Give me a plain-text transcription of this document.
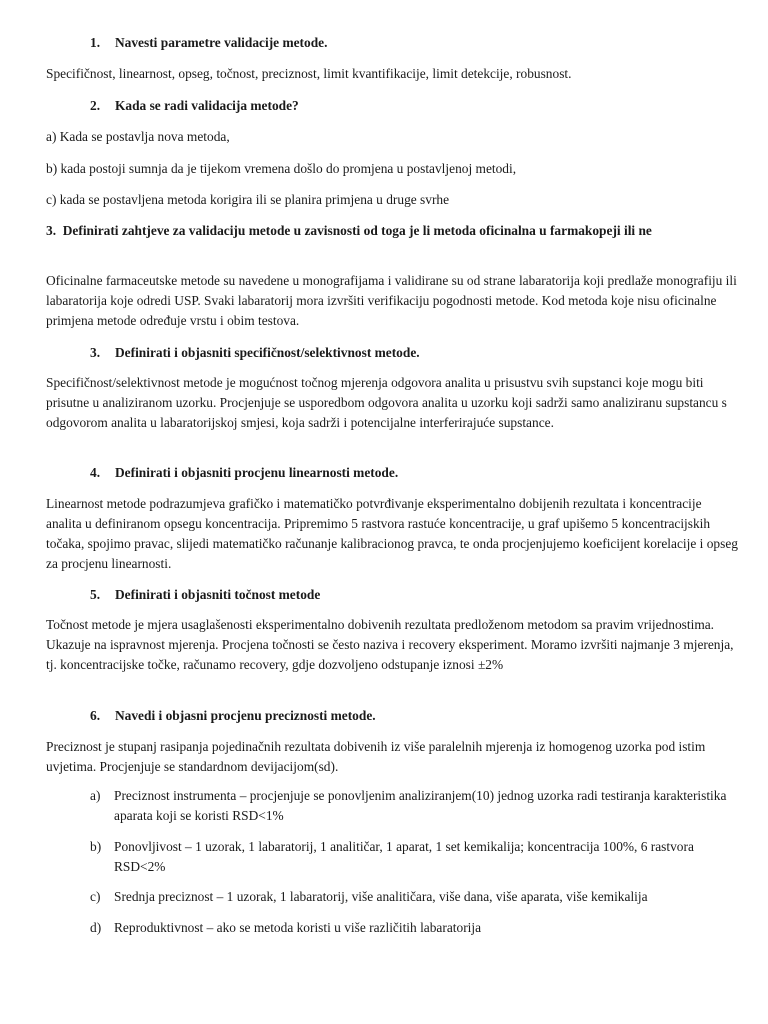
1. Navesti parametre validacije metode.
Specifičnost, linearnost, opseg, točnost, preciznost, limit kvantifikacije, limit detekcije, robusnost.
2. Kada se radi validacija metode?
a) Kada se postavlja nova metoda,
b) kada postoji sumnja da je tijekom vremena došlo do promjena u postavljenoj metodi,
c) kada se postavljena metoda korigira ili se planira primjena u druge svrhe
3. Definirati zahtjeve za validaciju metode u zavisnosti od toga je li metoda oficinalna u farmakopeji ili ne
Oficinalne farmaceutske metode su navedene u monografijama i validirane su od strane labaratorija koji predlaže monografiju ili labaratorija koje odredi USP. Svaki labaratorij mora izvršiti verifikaciju pogodnosti metode. Kod metoda koje nisu oficinalne primjena metode određuje vrstu i obim testova.
3. Definirati i objasniti specifičnost/selektivnost metode.
Specifičnost/selektivnost metode je mogućnost točnog mjerenja odgovora analita u prisustvu svih supstanci koje mogu biti prisutne u analiziranom uzorku. Procjenjuje se usporedbom odgovora analita u uzorku koji sadrži samo analiziranu supstancu s odgovorom analita u labaratorijskoj smjesi, koja sadrži i potencijalne interferirajuće supstance.
4. Definirati i objasniti procjenu linearnosti metode.
Linearnost metode podrazumjeva grafičko i matematičko potvrđivanje eksperimentalno dobijenih rezultata i koncentracije analita u definiranom opsegu koncentracija. Pripremimo 5 rastvora rastuće koncentracije, u graf upišemo 5 koncentracijskih točaka, spojimo pravac, slijedi matematičko računanje kalibracionog pravca, te onda procjenjujemo koeficijent korelacije i opseg za procjenu linearnosti.
5. Definirati i objasniti točnost metode
Točnost metode je mjera usaglašenosti eksperimentalno dobivenih rezultata predloženom metodom sa pravim vrijednostima. Ukazuje na ispravnost mjerenja. Procjena točnosti se često naziva i recovery eksperiment. Moramo izvršiti najmanje 3 mjerenja, tj. koncentracijske točke, računamo recovery, gdje dozvoljeno odstupanje iznosi ±2%
6. Navedi i objasni procjenu preciznosti metode.
Preciznost je stupanj rasipanja pojedinačnih rezultata dobivenih iz više paralelnih mjerenja iz homogenog uzorka pod istim uvjetima. Procjenjuje se standardnom devijacijom(sd).
a)	Preciznost instrumenta – procjenjuje se ponovljenim analiziranjem(10) jednog uzorka radi testiranja karakteristika aparata koji se koristi RSD<1%
b) Ponovljivost – 1 uzorak, 1 labaratorij, 1 analitičar, 1 aparat, 1 set kemikalija; koncentracija 100%, 6 rastvora RSD<2%
c)	Srednja preciznost – 1 uzorak, 1 labaratorij, više analitičara, više dana, više aparata, više kemikalija
d) Reproduktivnost – ako se metoda koristi u više različitih labaratorija
